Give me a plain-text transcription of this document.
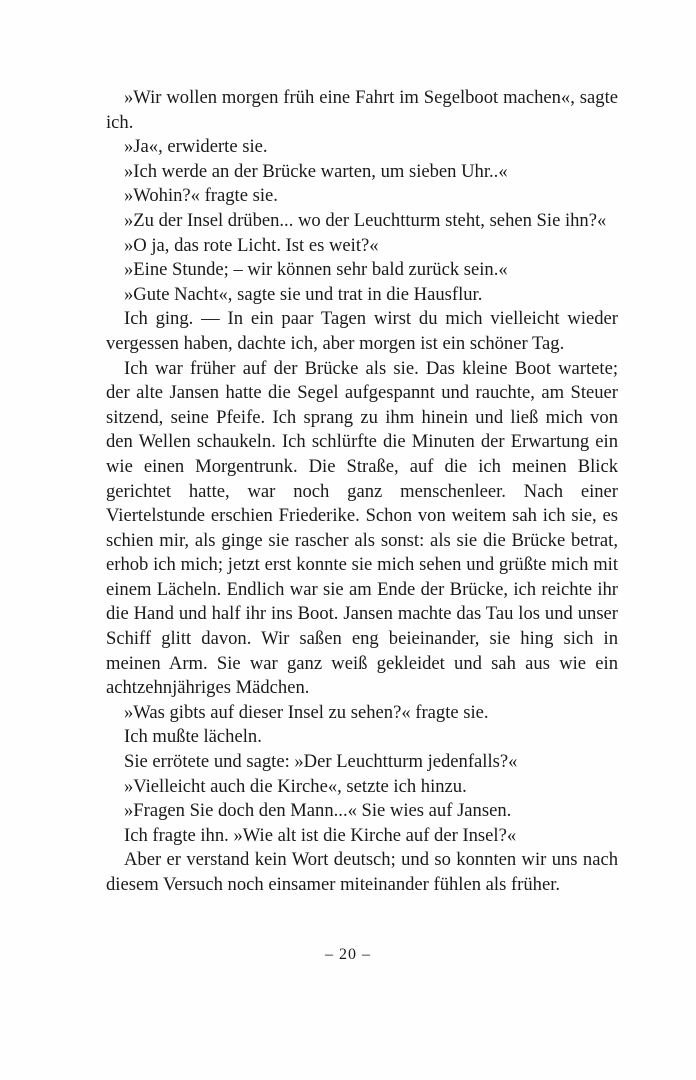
»Wir wollen morgen früh eine Fahrt im Segelboot machen«, sagte ich.

»Ja«, erwiderte sie.

»Ich werde an der Brücke warten, um sieben Uhr..«

»Wohin?« fragte sie.

»Zu der Insel drüben... wo der Leuchtturm steht, sehen Sie ihn?«

»O ja, das rote Licht. Ist es weit?«

»Eine Stunde; – wir können sehr bald zurück sein.«

»Gute Nacht«, sagte sie und trat in die Hausflur.

Ich ging. –– In ein paar Tagen wirst du mich vielleicht wieder vergessen haben, dachte ich, aber morgen ist ein schöner Tag.

Ich war früher auf der Brücke als sie. Das kleine Boot wartete; der alte Jansen hatte die Segel aufgespannt und rauchte, am Steuer sitzend, seine Pfeife. Ich sprang zu ihm hinein und ließ mich von den Wellen schaukeln. Ich schlürfte die Minuten der Erwartung ein wie einen Morgentrunk. Die Straße, auf die ich meinen Blick gerichtet hatte, war noch ganz menschenleer. Nach einer Viertelstunde erschien Friederike. Schon von weitem sah ich sie, es schien mir, als ginge sie rascher als sonst: als sie die Brücke betrat, erhob ich mich; jetzt erst konnte sie mich sehen und grüßte mich mit einem Lächeln. Endlich war sie am Ende der Brücke, ich reichte ihr die Hand und half ihr ins Boot. Jansen machte das Tau los und unser Schiff glitt davon. Wir saßen eng beieinander, sie hing sich in meinen Arm. Sie war ganz weiß gekleidet und sah aus wie ein achtzehnjähriges Mädchen.

»Was gibts auf dieser Insel zu sehen?« fragte sie.

Ich mußte lächeln.

Sie errötete und sagte: »Der Leuchtturm jedenfalls?«

»Vielleicht auch die Kirche«, setzte ich hinzu.

»Fragen Sie doch den Mann...« Sie wies auf Jansen.

Ich fragte ihn. »Wie alt ist die Kirche auf der Insel?«

Aber er verstand kein Wort deutsch; und so konnten wir uns nach diesem Versuch noch einsamer miteinander fühlen als früher.

– 20 –
